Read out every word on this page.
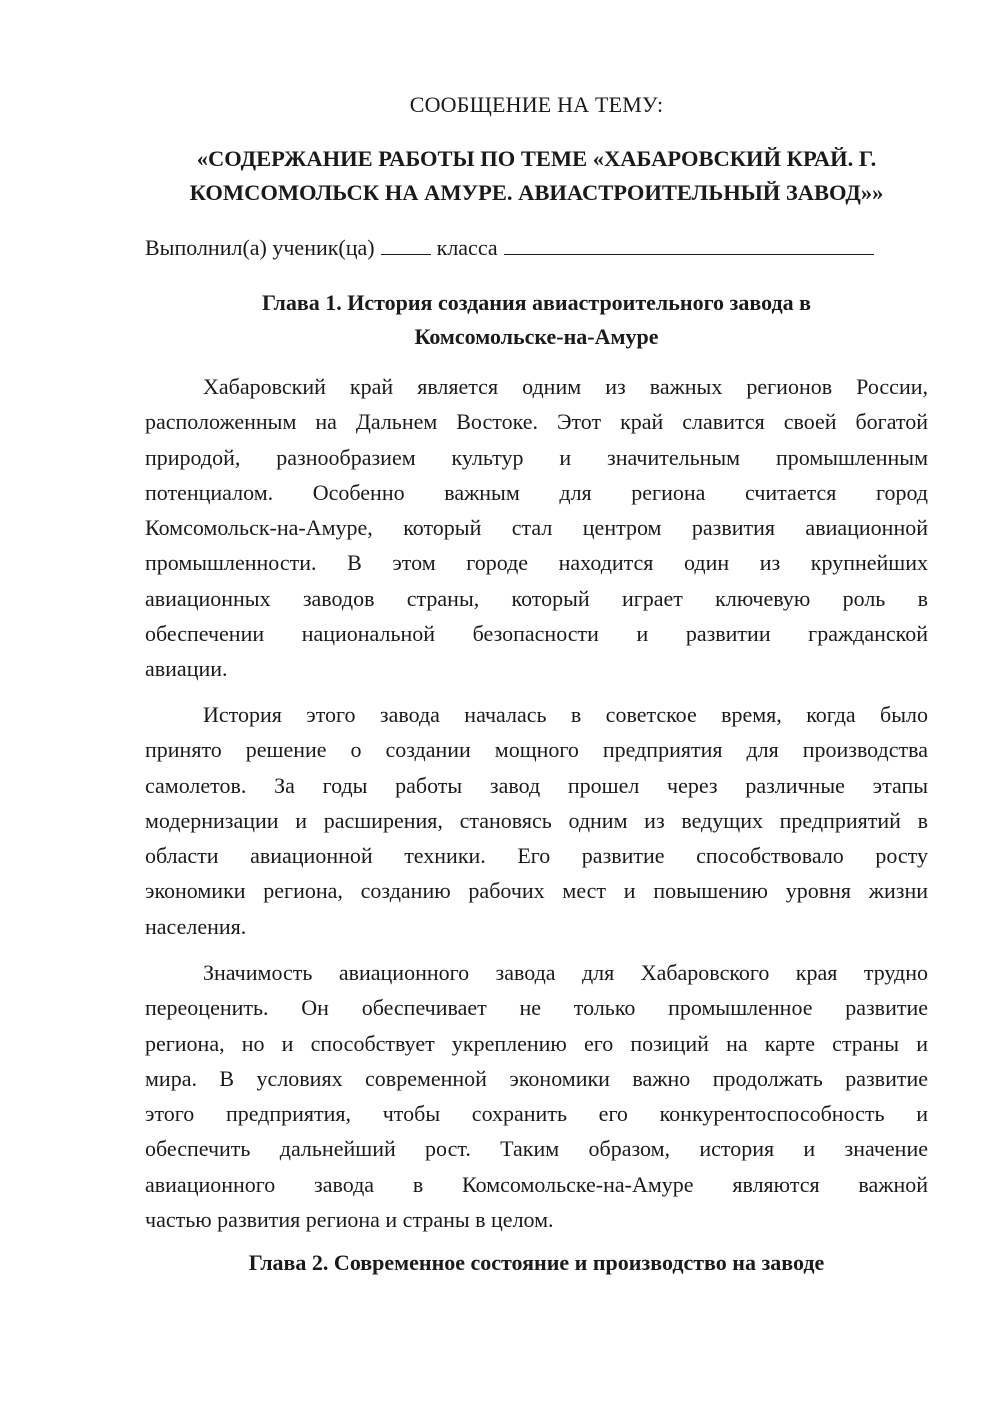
СООБЩЕНИЕ НА ТЕМУ:
«СОДЕРЖАНИЕ РАБОТЫ ПО ТЕМЕ «ХАБАРОВСКИЙ КРАЙ. Г.
КОМСОМОЛЬСК НА АМУРЕ. АВИАСТРОИТЕЛЬНЫЙ ЗАВОД»»
Выполнил(а) ученик(ца)	класса
Глава 1. История создания авиастроительного завода в
Комсомольске-на-Амуре

Хабаровский край является одним из важных регионов России,
расположенным на Дальнем Востоке. Этот край славится своей богатой
природой, разнообразием культур и значительным промышленным
потенциалом. Особенно важным для региона считается город
Комсомольск-на-Амуре, который стал центром развития авиационной
промышленности. В этом городе находится один из крупнейших
авиационных заводов страны, который играет ключевую роль в
обеспечении национальной безопасности и развитии гражданской
авиации.

История этого завода началась в советское время, когда было
принято решение о создании мощного предприятия для производства
самолетов. За годы работы завод прошел через различные этапы
модернизации и расширения, становясь одним из ведущих предприятий в
области авиационной техники. Его развитие способствовало росту
экономики региона, созданию рабочих мест и повышению уровня жизни
населения.

Значимость авиационного завода для Хабаровского края трудно
переоценить. Он обеспечивает не только промышленное развитие
региона, но и способствует укреплению его позиций на карте страны и
мира. В условиях современной экономики важно продолжать развитие
этого предприятия, чтобы сохранить его конкурентоспособность и
обеспечить дальнейший рост. Таким образом, история и значение
авиационного завода в Комсомольске-на-Амуре являются важной
частью развития региона и страны в целом.

Глава 2. Современное состояние и производство на заводе
